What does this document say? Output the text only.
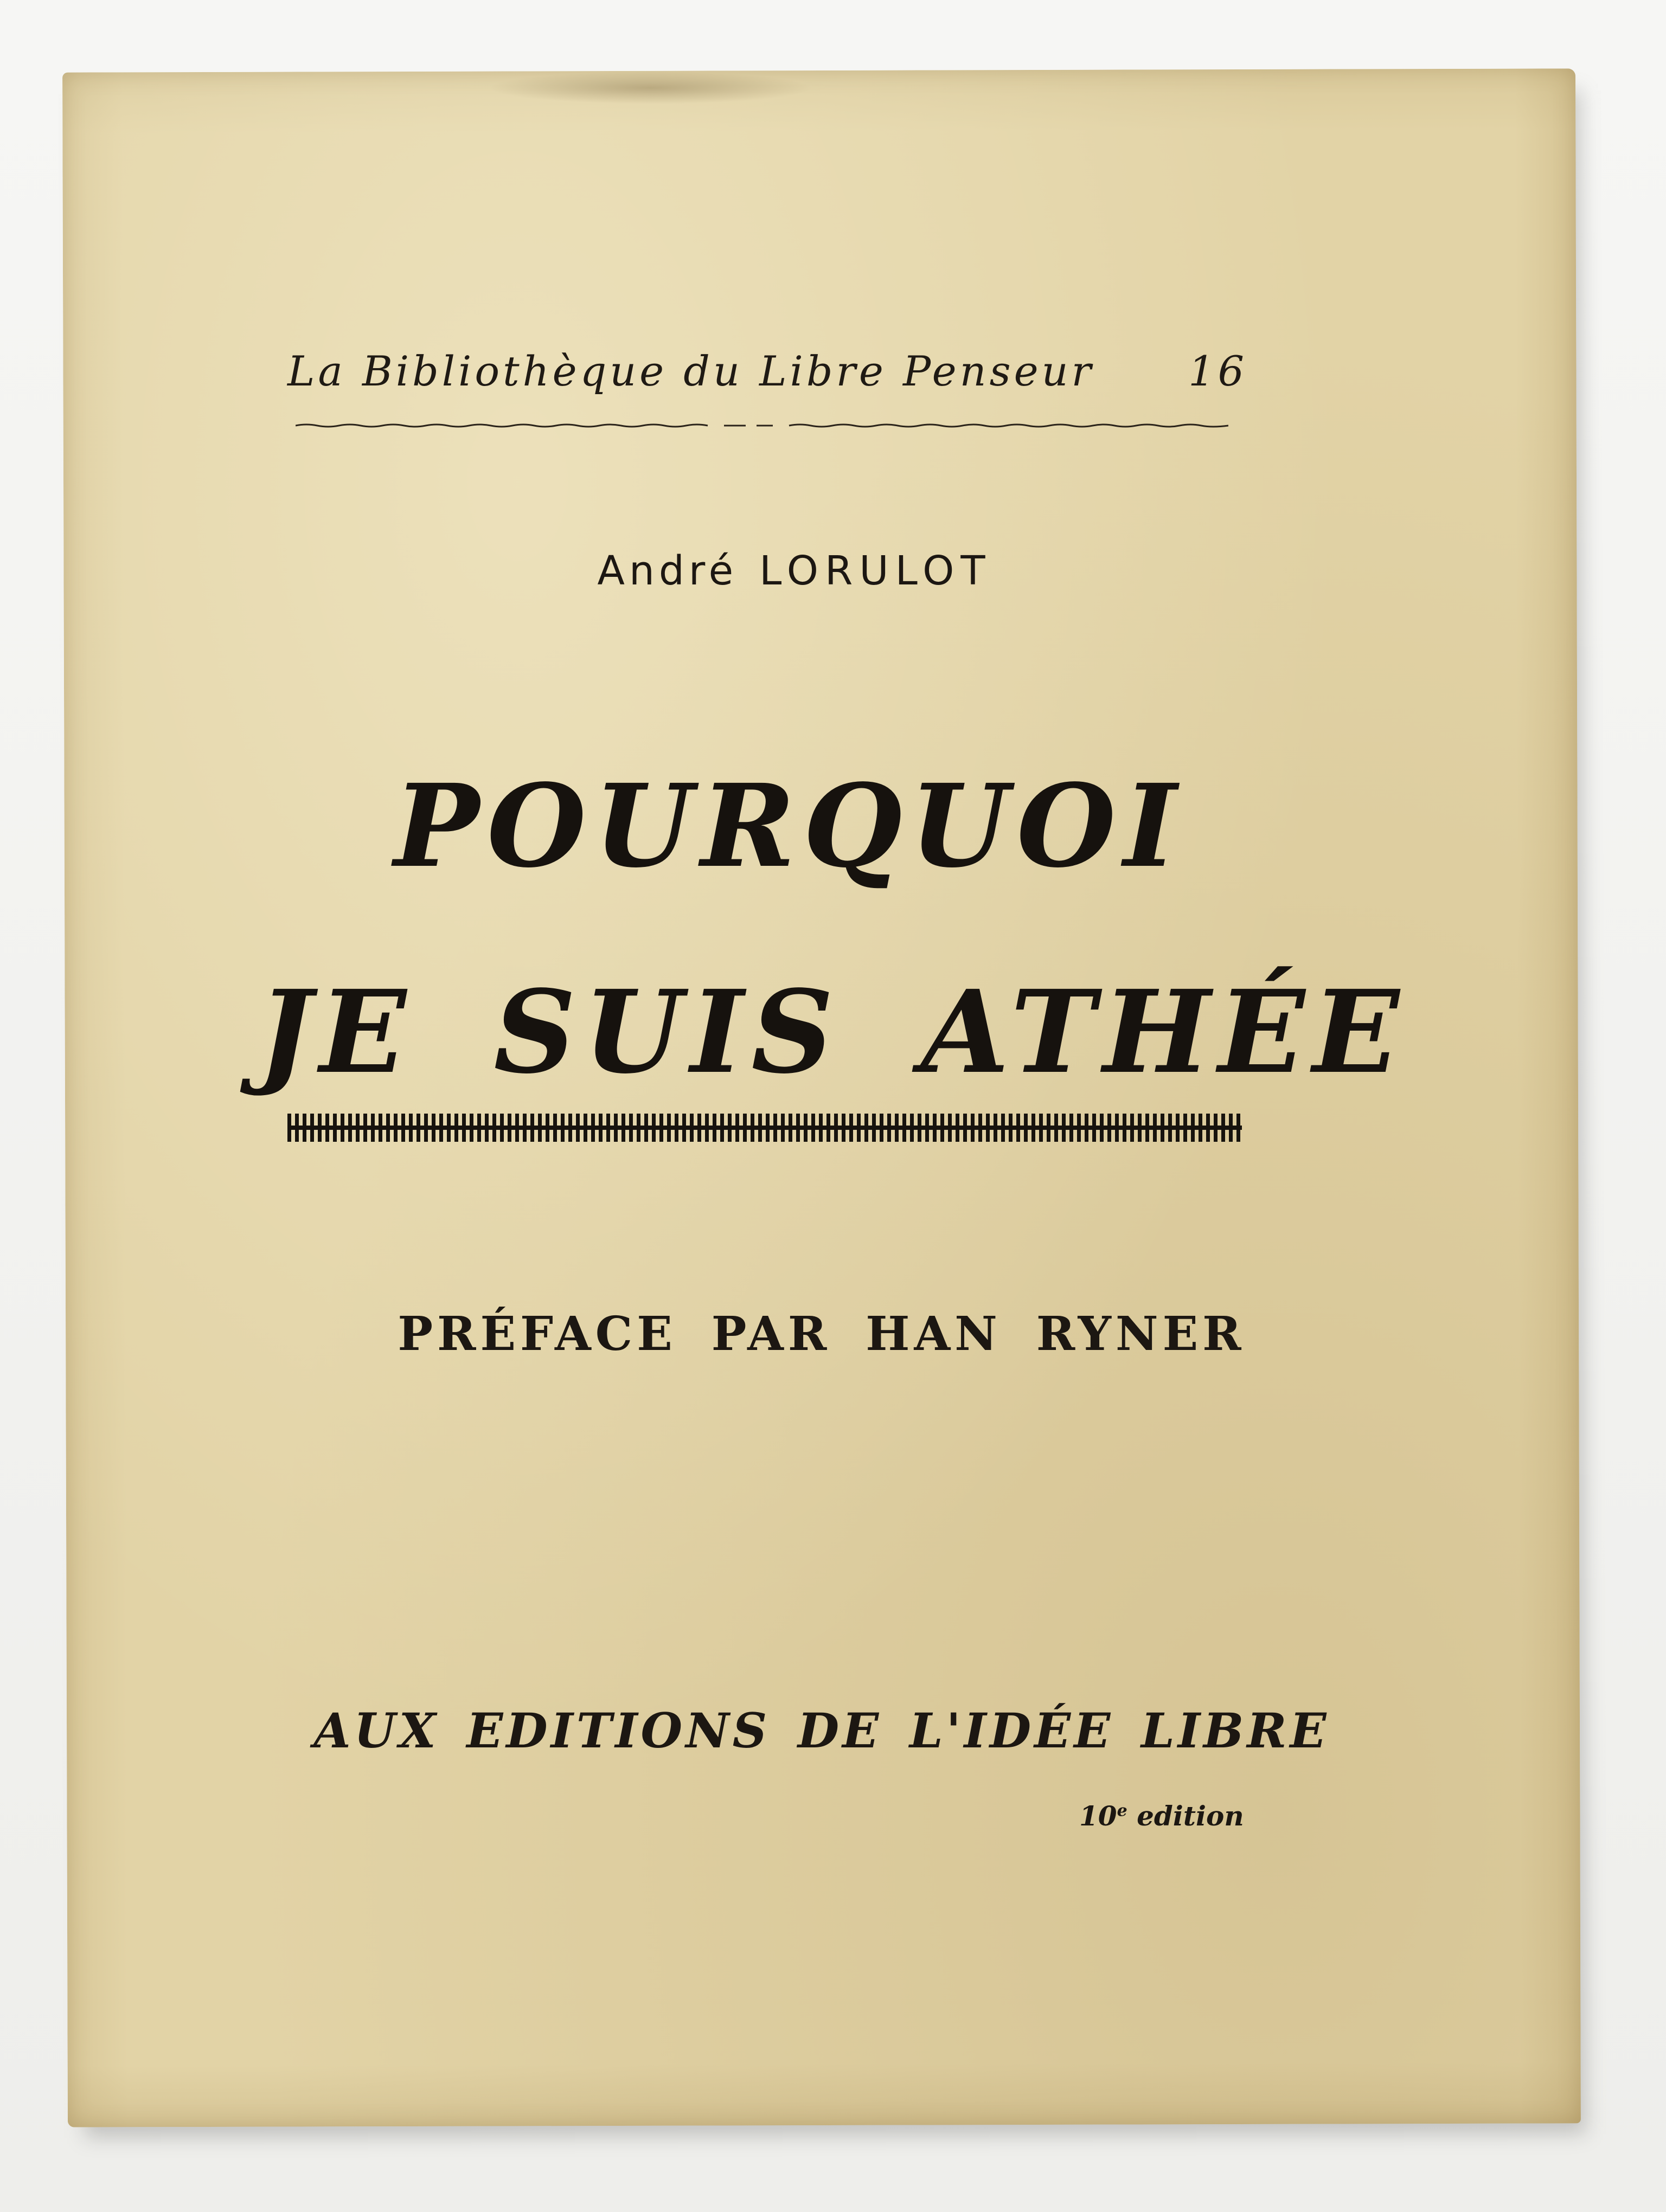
La Bibliothèque du Libre Penseur 16
André LORULOT
POURQUOI
JE SUIS ATHÉE
PRÉFACE PAR HAN RYNER
AUX EDITIONS DE L'IDÉE LIBRE
10e edition
